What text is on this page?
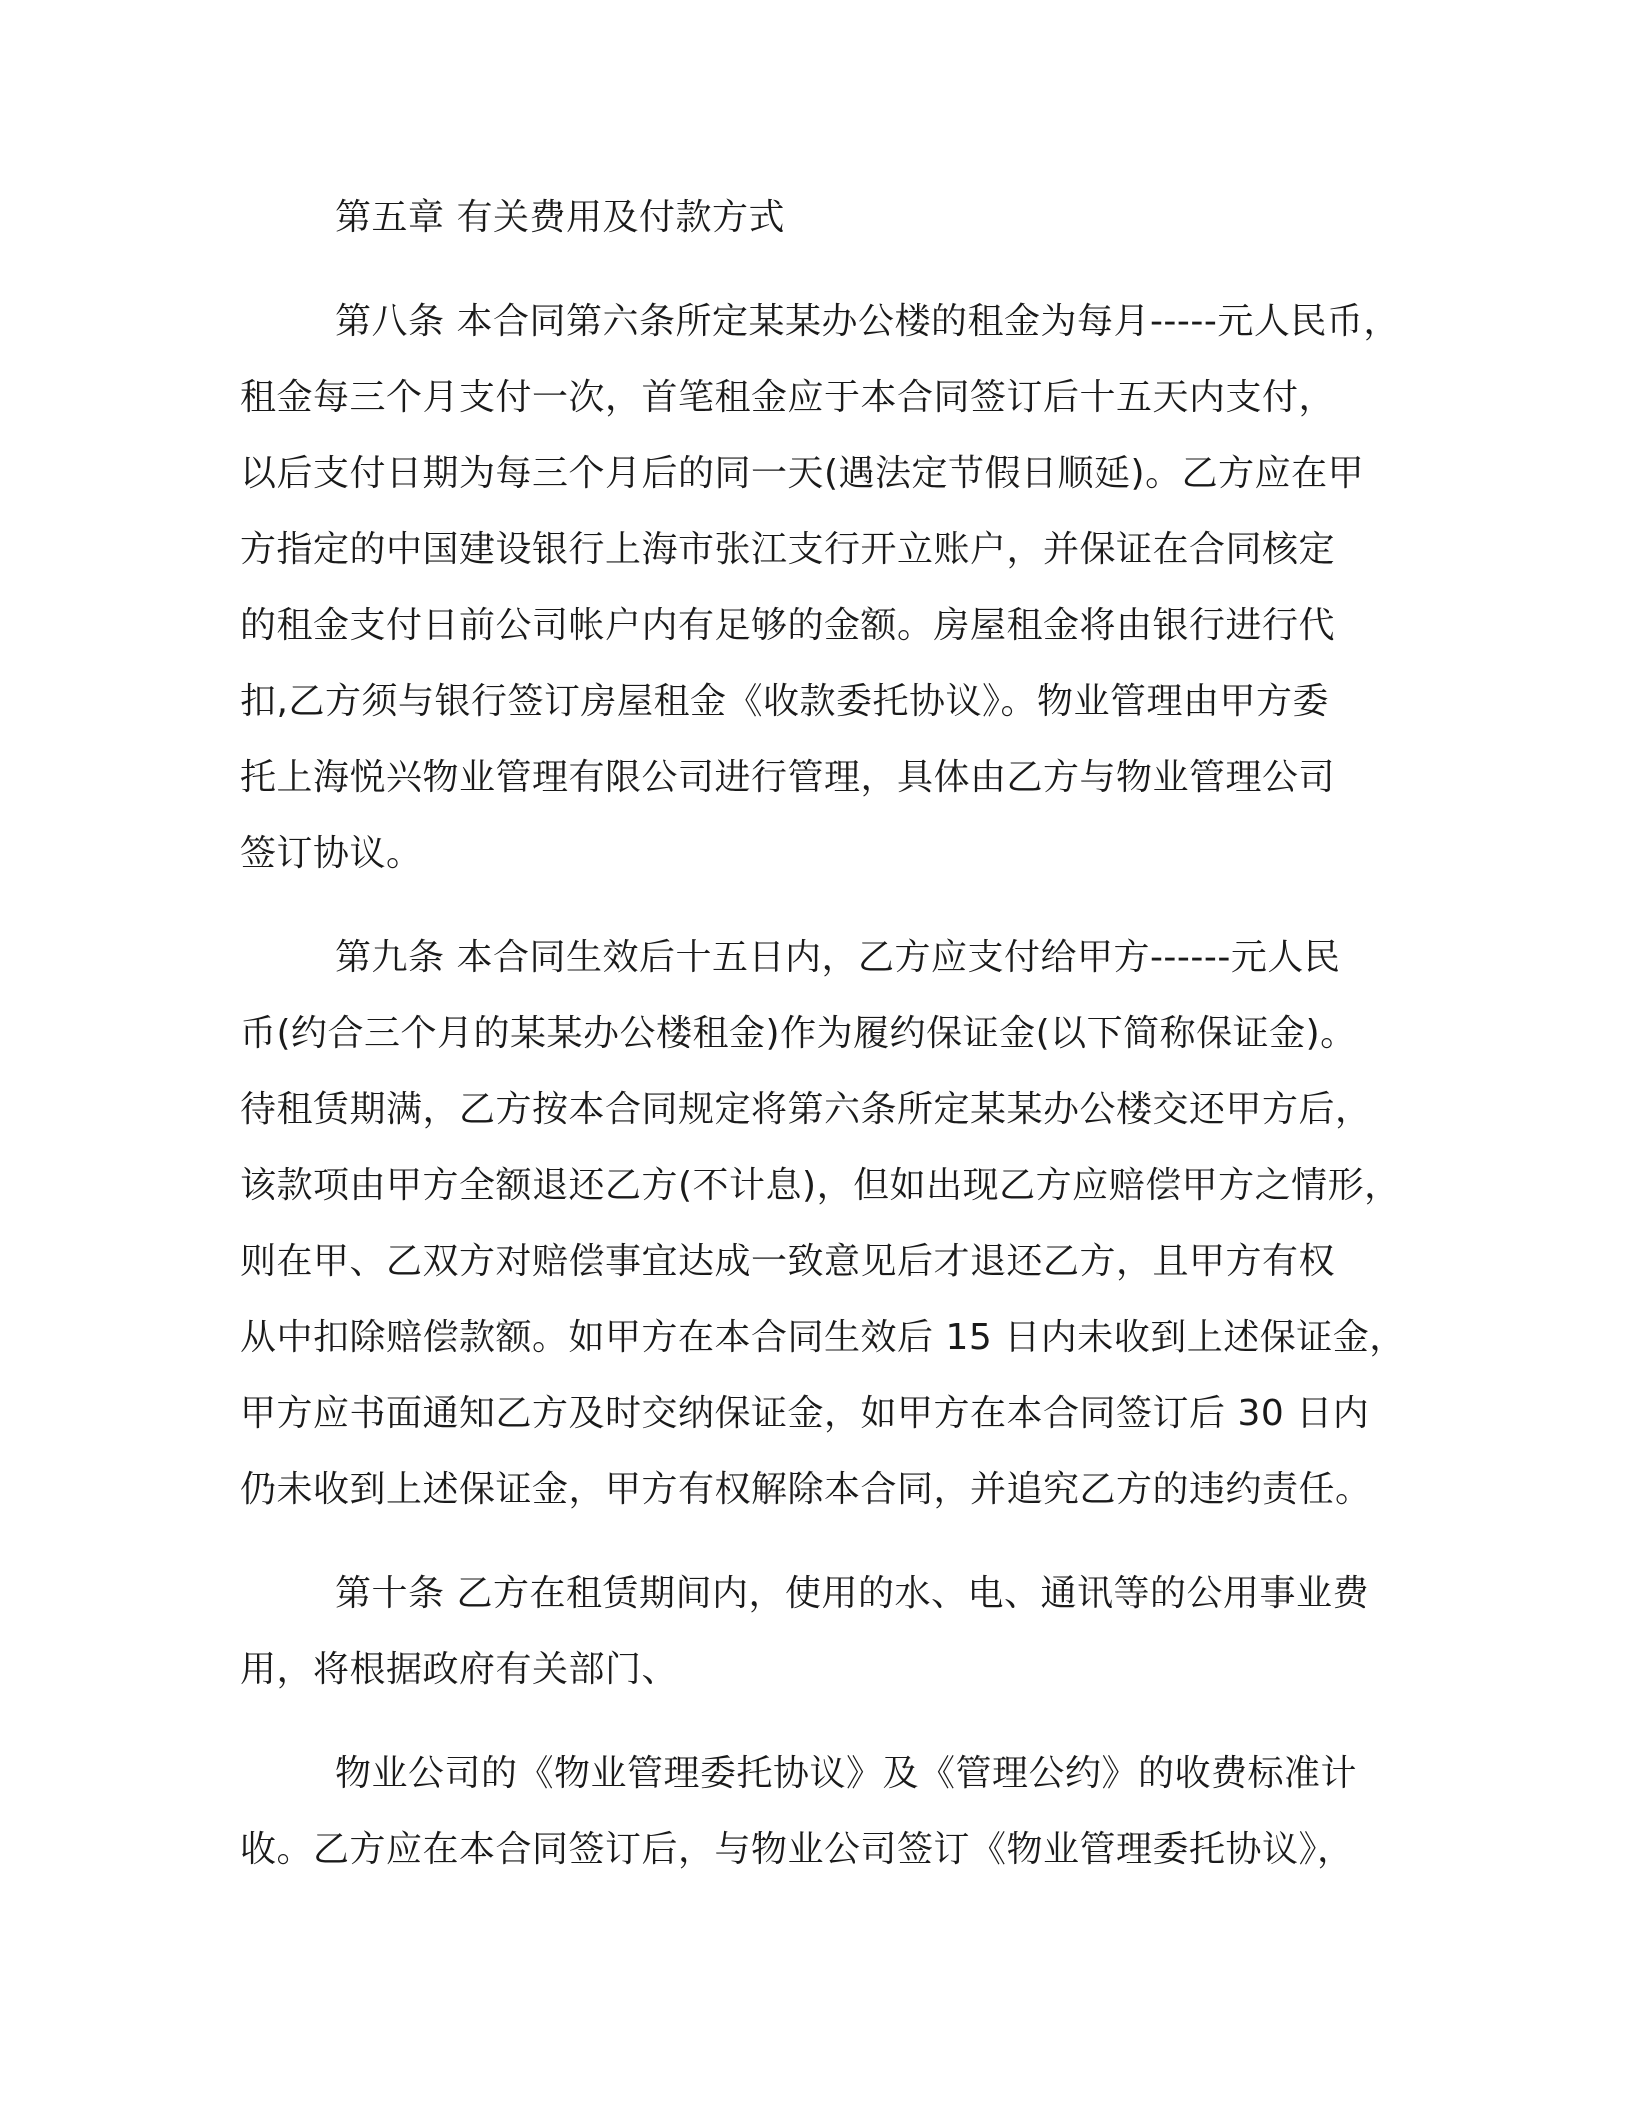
第五章 有关费用及付款方式
第八条 本合同第六条所定某某办公楼的租金为每月-----元人民币，
租金每三个月支付一次，首笔租金应于本合同签订后十五天内支付，
以后支付日期为每三个月后的同一天(遇法定节假日顺延)。乙方应在甲
方指定的中国建设银行上海市张江支行开立账户，并保证在合同核定
的租金支付日前公司帐户内有足够的金额。房屋租金将由银行进行代
扣,乙方须与银行签订房屋租金《收款委托协议》。物业管理由甲方委
托上海悦兴物业管理有限公司进行管理，具体由乙方与物业管理公司
签订协议。
第九条 本合同生效后十五日内，乙方应支付给甲方------元人民
币(约合三个月的某某办公楼租金)作为履约保证金(以下简称保证金)。
待租赁期满，乙方按本合同规定将第六条所定某某办公楼交还甲方后，
该款项由甲方全额退还乙方(不计息)，但如出现乙方应赔偿甲方之情形，
则在甲、乙双方对赔偿事宜达成一致意见后才退还乙方，且甲方有权
从中扣除赔偿款额。如甲方在本合同生效后 15 日内未收到上述保证金，
甲方应书面通知乙方及时交纳保证金，如甲方在本合同签订后 30 日内
仍未收到上述保证金，甲方有权解除本合同，并追究乙方的违约责任。
第十条 乙方在租赁期间内，使用的水、电、通讯等的公用事业费
用，将根据政府有关部门、
物业公司的《物业管理委托协议》及《管理公约》的收费标准计
收。乙方应在本合同签订后，与物业公司签订《物业管理委托协议》，
